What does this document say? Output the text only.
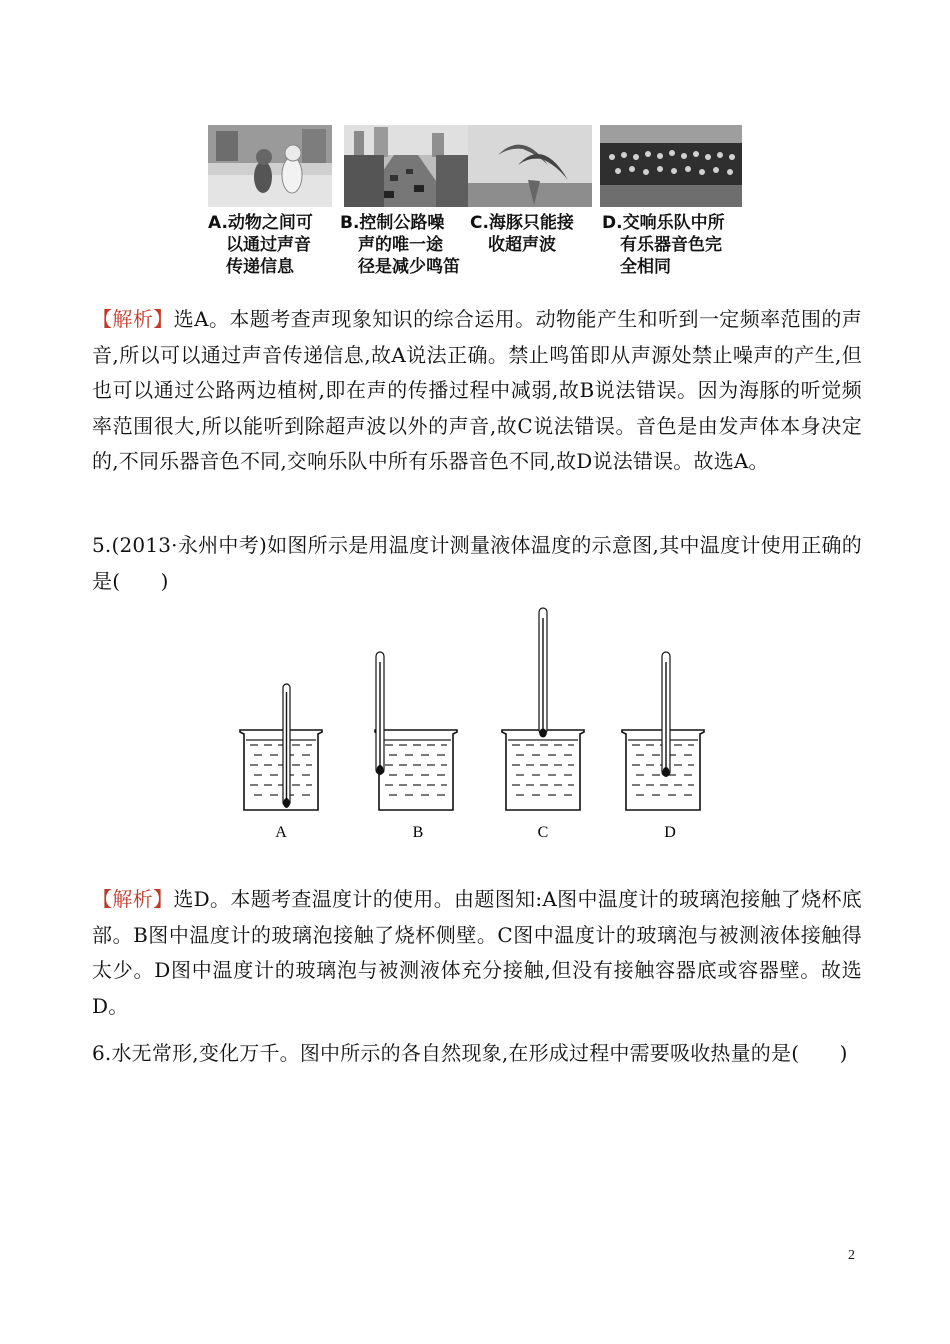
A.动物之间可
以通过声音
传递信息
B.控制公路噪
声的唯一途
径是减少鸣笛
C.海豚只能接
收超声波
D.交响乐队中所
有乐器音色完
全相同

【解析】选A。本题考查声现象知识的综合运用。动物能产生和听到一定频率范围的声音,所以可以通过声音传递信息,故A说法正确。禁止鸣笛即从声源处禁止噪声的产生,但也可以通过公路两边植树,即在声的传播过程中减弱,故B说法错误。因为海豚的听觉频率范围很大,所以能听到除超声波以外的声音,故C说法错误。音色是由发声体本身决定的,不同乐器音色不同,交响乐队中所有乐器音色不同,故D说法错误。故选A。

5.(2013·永州中考)如图所示是用温度计测量液体温度的示意图,其中温度计使用正确的是(　　)

A	B	C	D

【解析】选D。本题考查温度计的使用。由题图知:A图中温度计的玻璃泡接触了烧杯底部。B图中温度计的玻璃泡接触了烧杯侧壁。C图中温度计的玻璃泡与被测液体接触得太少。D图中温度计的玻璃泡与被测液体充分接触,但没有接触容器底或容器壁。故选D。

6.水无常形,变化万千。图中所示的各自然现象,在形成过程中需要吸收热量的是(　　)

2
